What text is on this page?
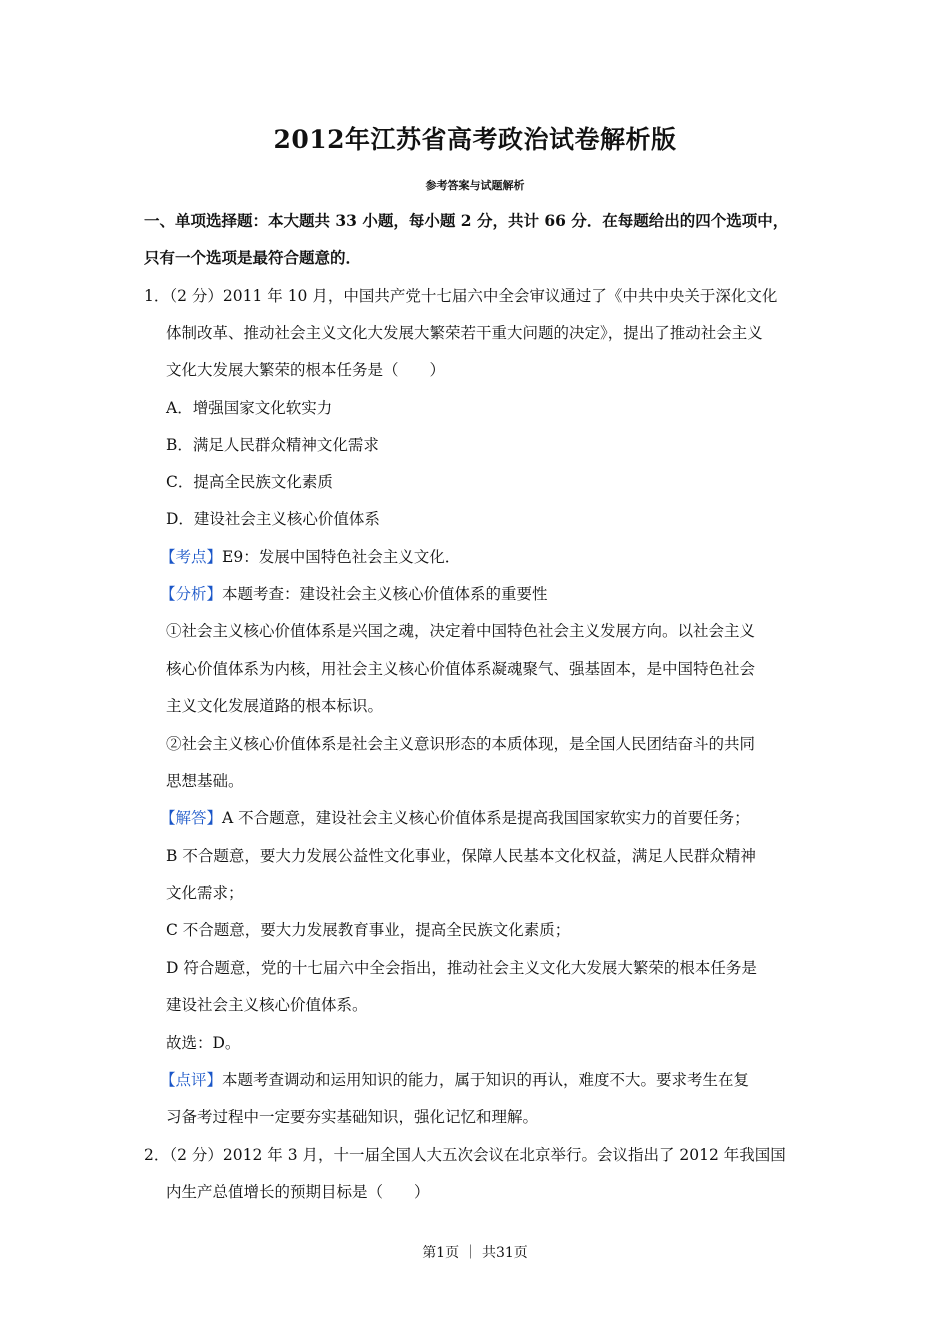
2012年江苏省高考政治试卷解析版
参考答案与试题解析
一、单项选择题：本大题共 33 小题，每小题 2 分，共计 66 分．在每题给出的四个选项中，
只有一个选项是最符合题意的．
1．（2 分）2011 年 10 月，中国共产党十七届六中全会审议通过了《中共中央关于深化文化
体制改革、推动社会主义文化大发展大繁荣若干重大问题的决定》，提出了推动社会主义
文化大发展大繁荣的根本任务是（　　）
A．增强国家文化软实力
B．满足人民群众精神文化需求
C．提高全民族文化素质
D．建设社会主义核心价值体系
【考点】E9：发展中国特色社会主义文化．
【分析】本题考查：建设社会主义核心价值体系的重要性
①社会主义核心价值体系是兴国之魂，决定着中国特色社会主义发展方向。以社会主义
核心价值体系为内核，用社会主义核心价值体系凝魂聚气、强基固本，是中国特色社会
主义文化发展道路的根本标识。
②社会主义核心价值体系是社会主义意识形态的本质体现，是全国人民团结奋斗的共同
思想基础。
【解答】A 不合题意，建设社会主义核心价值体系是提高我国国家软实力的首要任务；
B 不合题意，要大力发展公益性文化事业，保障人民基本文化权益，满足人民群众精神
文化需求；
C 不合题意，要大力发展教育事业，提高全民族文化素质；
D 符合题意，党的十七届六中全会指出，推动社会主义文化大发展大繁荣的根本任务是
建设社会主义核心价值体系。
故选：D。
【点评】本题考查调动和运用知识的能力，属于知识的再认，难度不大。要求考生在复
习备考过程中一定要夯实基础知识，强化记忆和理解。
2．（2 分）2012 年 3 月，十一届全国人大五次会议在北京举行。会议指出了 2012 年我国国
内生产总值增长的预期目标是（　　）
第1页 ｜ 共31页
